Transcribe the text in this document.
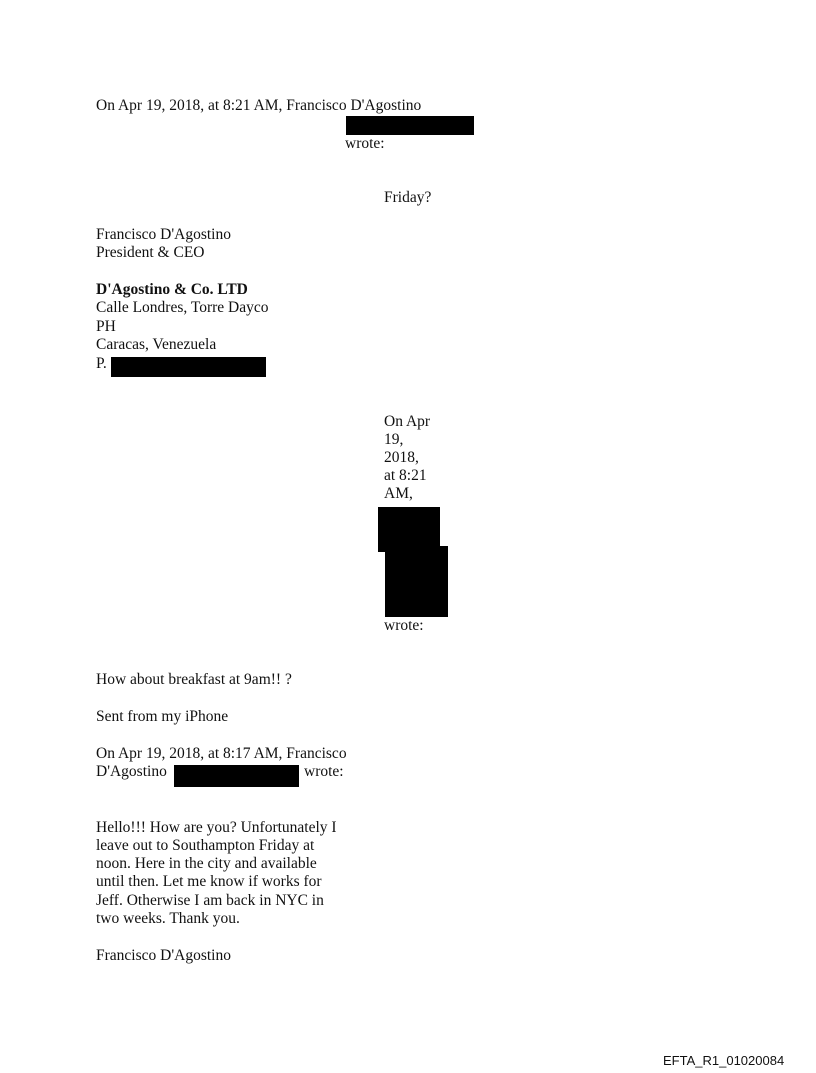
On Apr 19, 2018, at 8:21 AM, Francisco D'Agostino

wrote:

Friday?

Francisco D'Agostino

President & CEO

D'Agostino & Co. LTD

Calle Londres, Torre Dayco

PH

Caracas, Venezuela

P.

On Apr

19,

2018,

at 8:21

AM,

wrote:

How about breakfast at 9am!! ?

Sent from my iPhone

On Apr 19, 2018, at 8:17 AM, Francisco

D'Agostino	wrote:

Hello!!! How are you? Unfortunately I

leave out to Southampton Friday at

noon. Here in the city and available

until then. Let me know if works for

Jeff. Otherwise I am back in NYC in

two weeks. Thank you.

Francisco D'Agostino

EFTA_R1_01020084
